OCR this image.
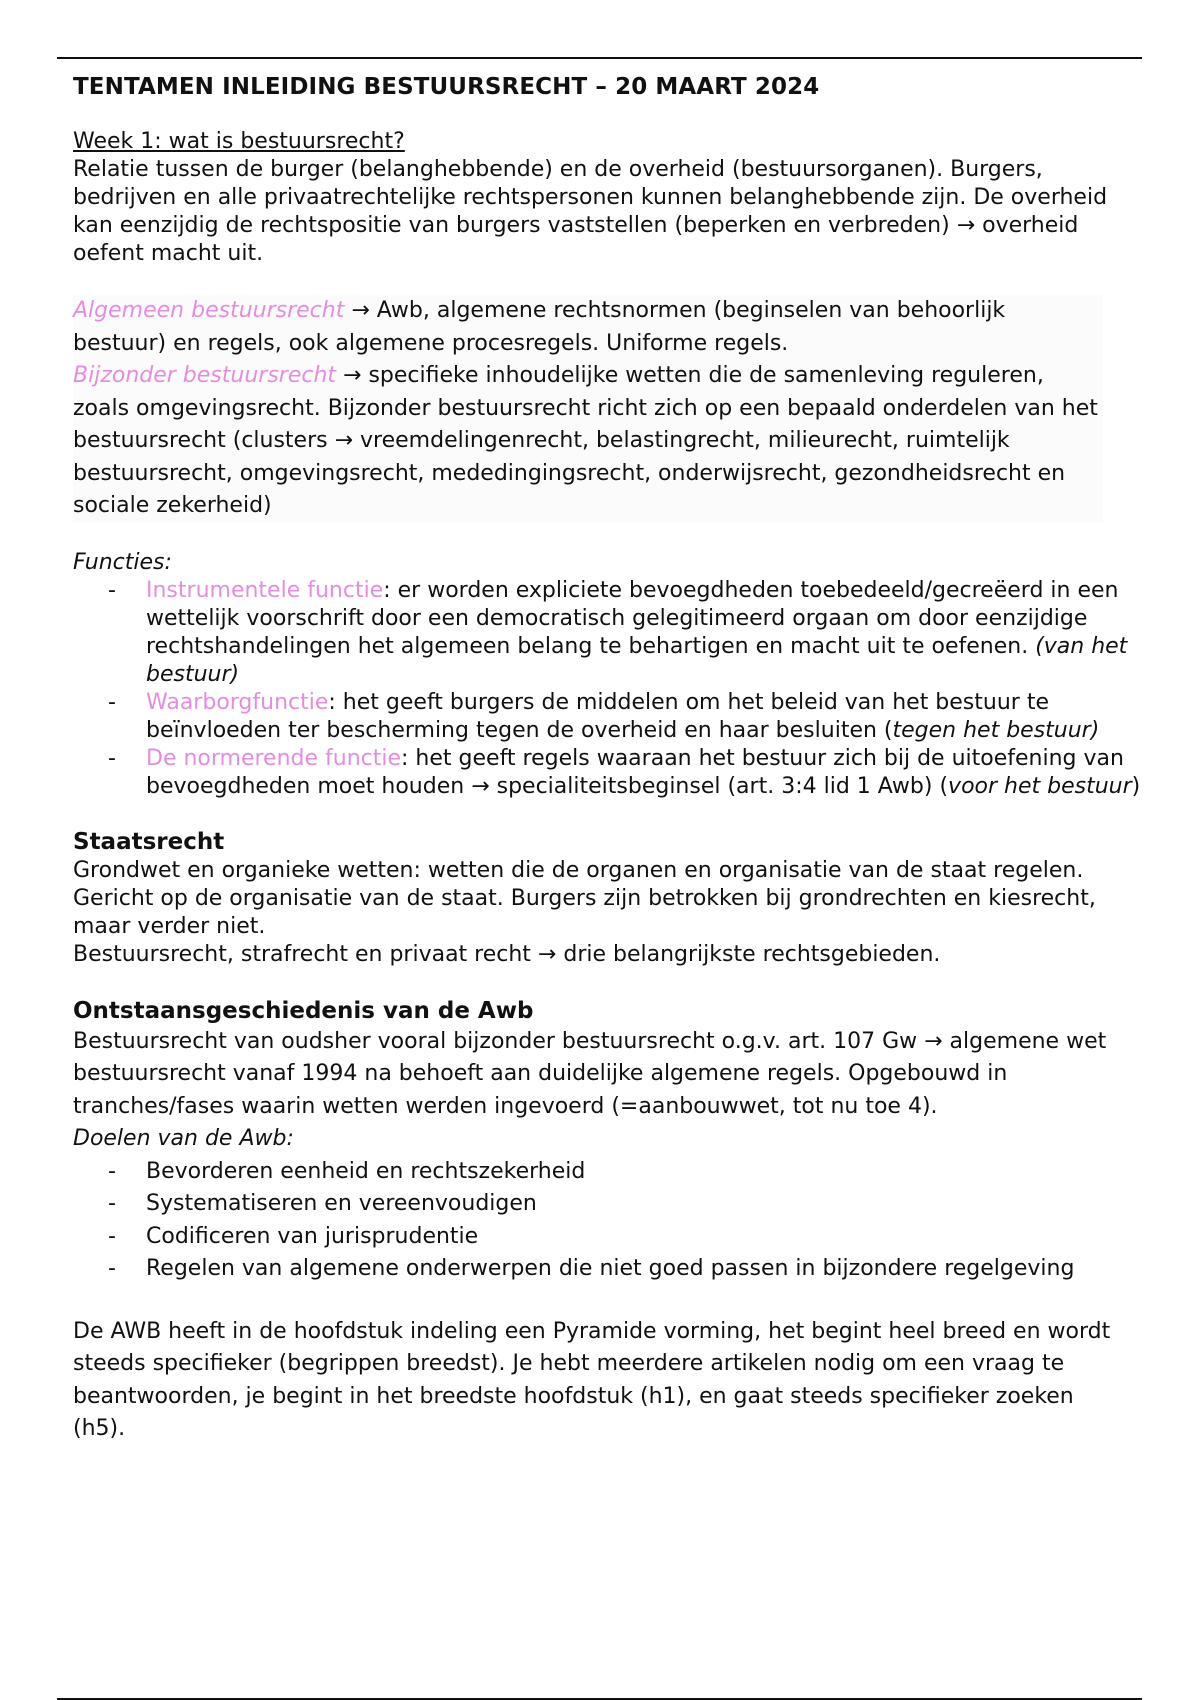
TENTAMEN INLEIDING BESTUURSRECHT – 20 MAART 2024

Week 1: wat is bestuursrecht?

Relatie tussen de burger (belanghebbende) en de overheid (bestuursorganen). Burgers, bedrijven en alle privaatrechtelijke rechtspersonen kunnen belanghebbende zijn. De overheid kan eenzijdig de rechtspositie van burgers vaststellen (beperken en verbreden) → overheid oefent macht uit.

Algemeen bestuursrecht → Awb, algemene rechtsnormen (beginselen van behoorlijk bestuur) en regels, ook algemene procesregels. Uniforme regels.

Bijzonder bestuursrecht → specifieke inhoudelijke wetten die de samenleving reguleren, zoals omgevingsrecht. Bijzonder bestuursrecht richt zich op een bepaald onderdelen van het bestuursrecht (clusters → vreemdelingenrecht, belastingrecht, milieurecht, ruimtelijk bestuursrecht, omgevingsrecht, mededingingsrecht, onderwijsrecht, gezondheidsrecht en sociale zekerheid)

Functies:

- Instrumentele functie: er worden expliciete bevoegdheden toebedeeld/gecreëerd in een wettelijk voorschrift door een democratisch gelegitimeerd orgaan om door eenzijdige rechtshandelingen het algemeen belang te behartigen en macht uit te oefenen. (van het bestuur)
- Waarborgfunctie: het geeft burgers de middelen om het beleid van het bestuur te beïnvloeden ter bescherming tegen de overheid en haar besluiten (tegen het bestuur)
- De normerende functie: het geeft regels waaraan het bestuur zich bij de uitoefening van bevoegdheden moet houden → specialiteitsbeginsel (art. 3:4 lid 1 Awb) (voor het bestuur)

Staatsrecht

Grondwet en organieke wetten: wetten die de organen en organisatie van de staat regelen. Gericht op de organisatie van de staat. Burgers zijn betrokken bij grondrechten en kiesrecht, maar verder niet.

Bestuursrecht, strafrecht en privaat recht → drie belangrijkste rechtsgebieden.

Ontstaansgeschiedenis van de Awb

Bestuursrecht van oudsher vooral bijzonder bestuursrecht o.g.v. art. 107 Gw → algemene wet bestuursrecht vanaf 1994 na behoeft aan duidelijke algemene regels. Opgebouwd in tranches/fases waarin wetten werden ingevoerd (=aanbouwwet, tot nu toe 4).

Doelen van de Awb:

- Bevorderen eenheid en rechtszekerheid
- Systematiseren en vereenvoudigen
- Codificeren van jurisprudentie
- Regelen van algemene onderwerpen die niet goed passen in bijzondere regelgeving

De AWB heeft in de hoofdstuk indeling een Pyramide vorming, het begint heel breed en wordt steeds specifieker (begrippen breedst). Je hebt meerdere artikelen nodig om een vraag te beantwoorden, je begint in het breedste hoofdstuk (h1), en gaat steeds specifieker zoeken (h5).
